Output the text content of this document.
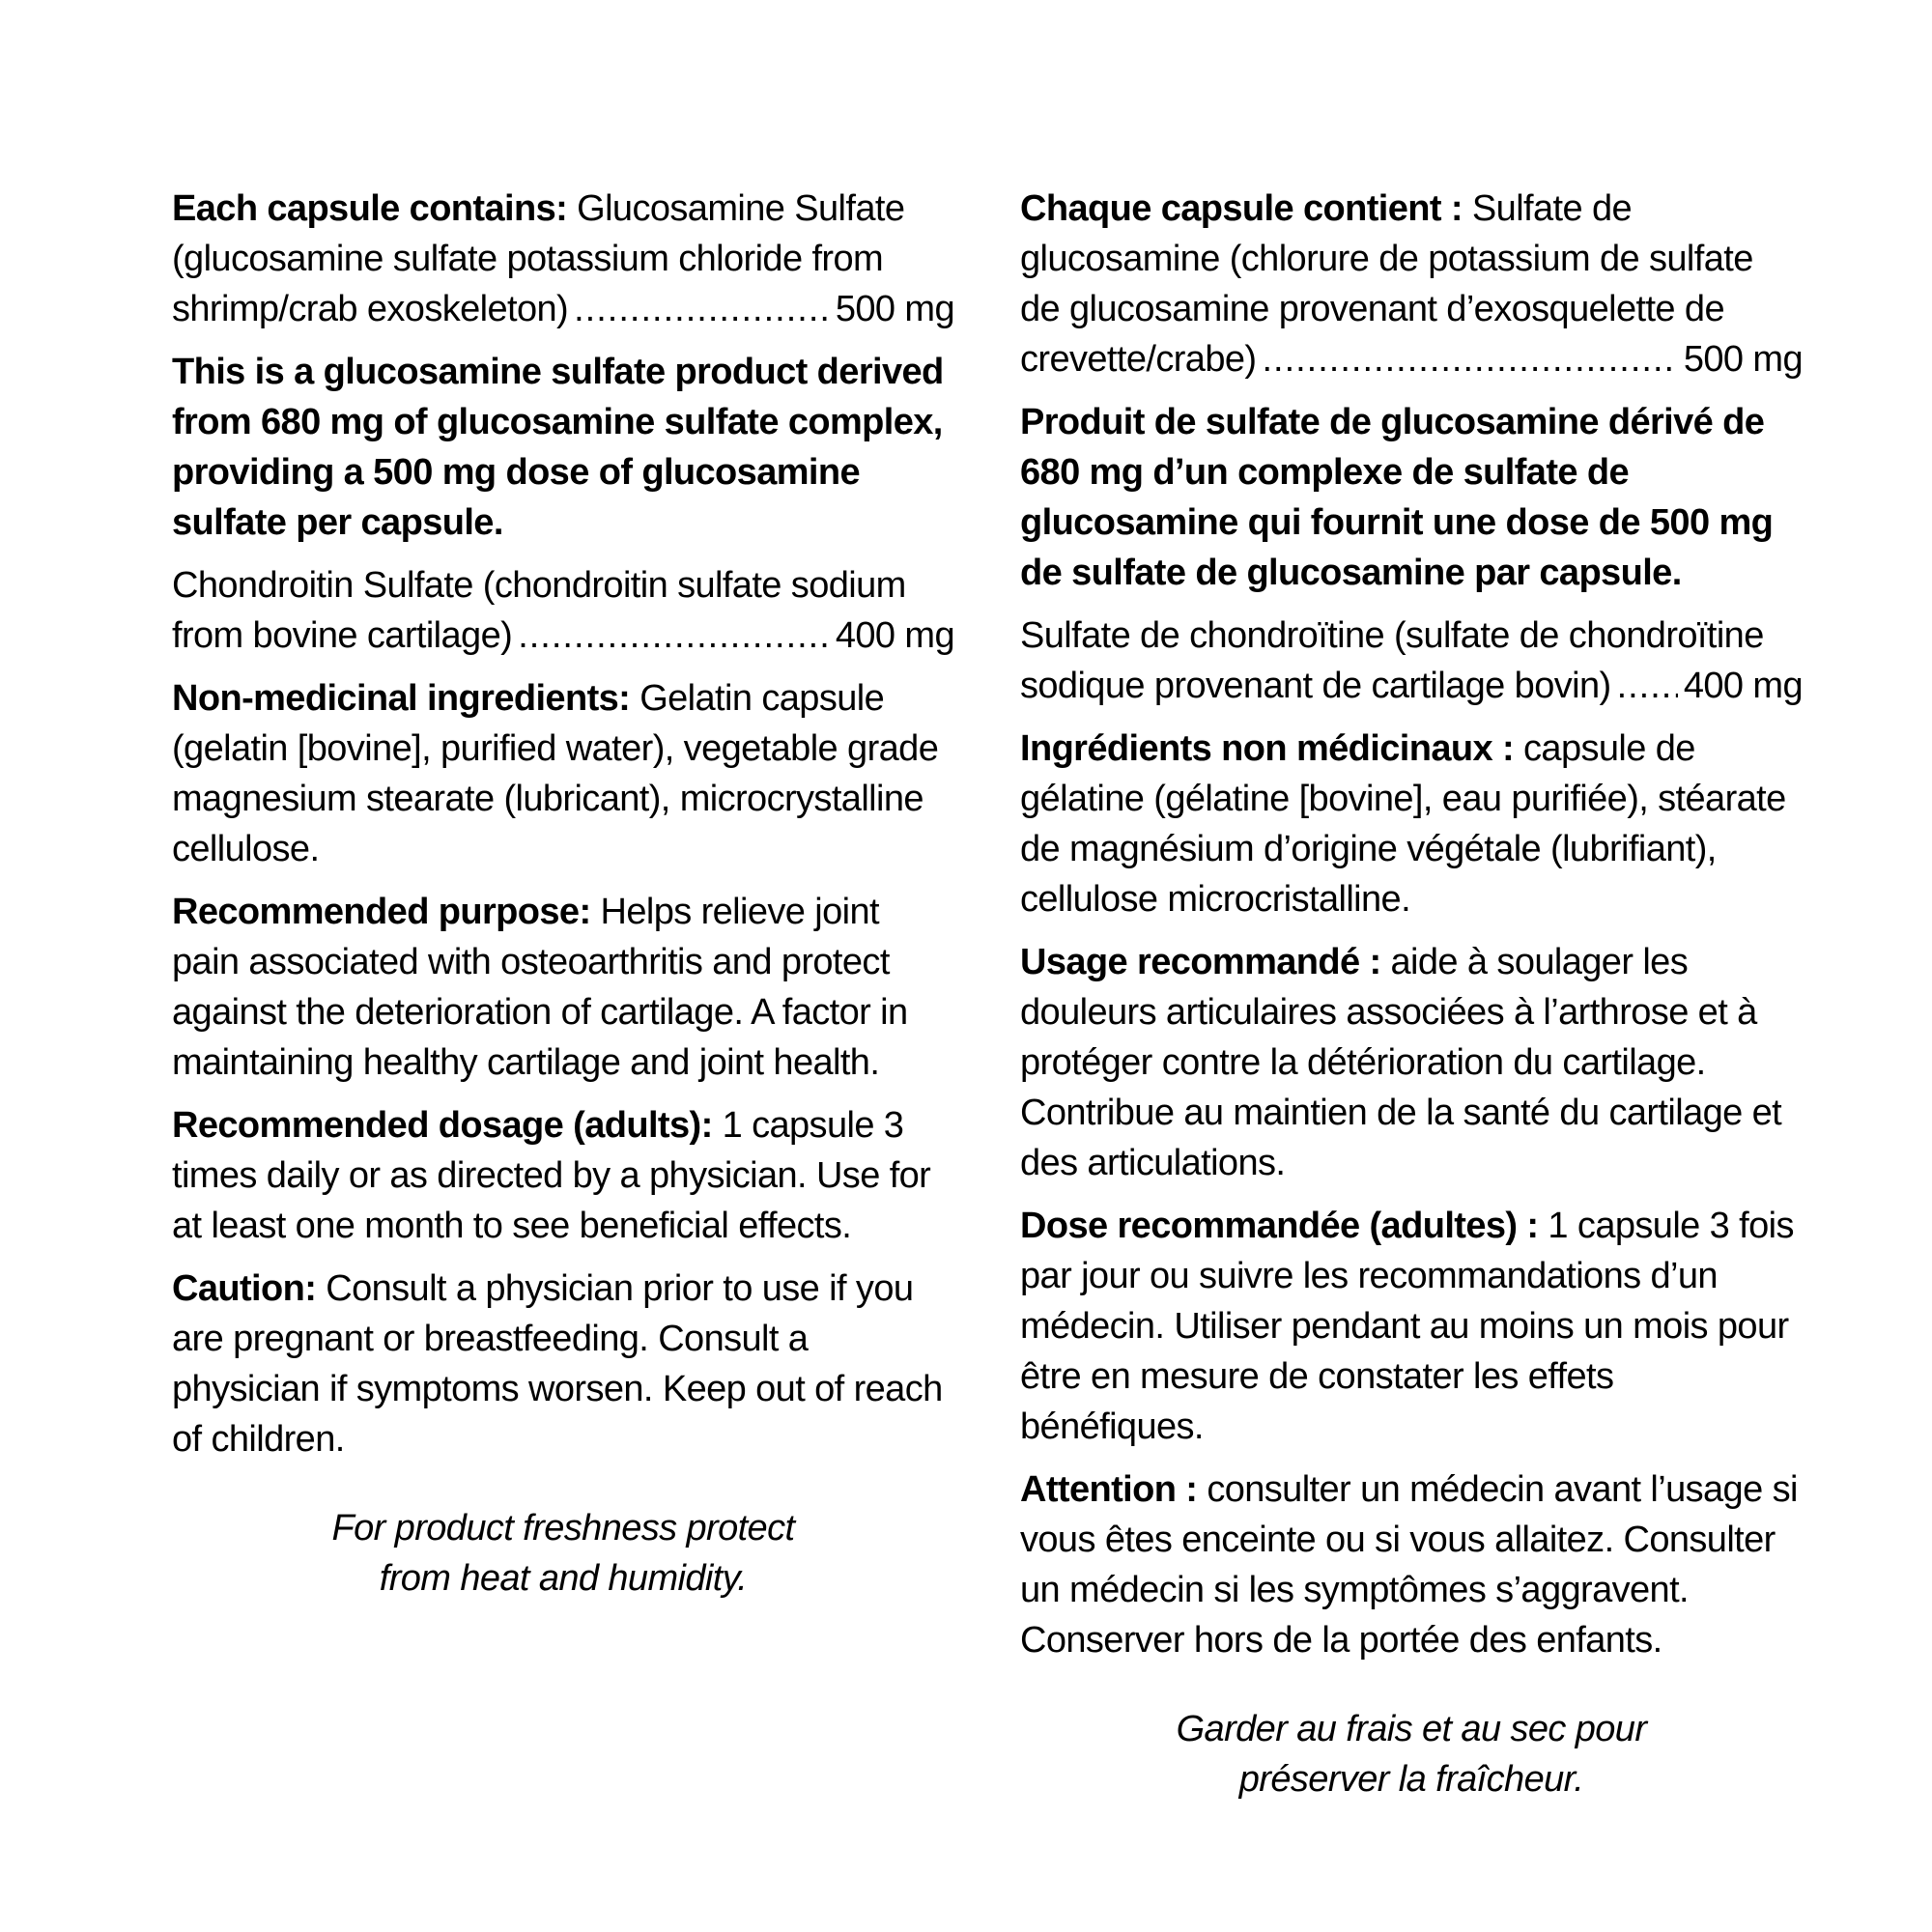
Each capsule contains: Glucosamine Sulfate
(glucosamine sulfate potassium chloride from
shrimp/crab exoskeleton) .....	500 mg
This is a glucosamine sulfate product derived from 680 mg of glucosamine sulfate complex, providing a 500 mg dose of glucosamine sulfate per capsule.
Chondroitin Sulfate (chondroitin sulfate sodium
from bovine cartilage) .....	400 mg
Non-medicinal ingredients: Gelatin capsule (gelatin [bovine], purified water), vegetable grade magnesium stearate (lubricant), microcrystalline cellulose.
Recommended purpose: Helps relieve joint pain associated with osteoarthritis and protect against the deterioration of cartilage. A factor in maintaining healthy cartilage and joint health.
Recommended dosage (adults): 1 capsule 3 times daily or as directed by a physician. Use for at least one month to see beneficial effects.
Caution: Consult a physician prior to use if you are pregnant or breastfeeding. Consult a physician if symptoms worsen. Keep out of reach of children.
For product freshness protect
from heat and humidity.
Chaque capsule contient : Sulfate de
glucosamine (chlorure de potassium de sulfate
de glucosamine provenant d’exosquelette de
crevette/crabe) .....	500 mg
Produit de sulfate de glucosamine dérivé de 680 mg d’un complexe de sulfate de glucosamine qui fournit une dose de 500 mg de sulfate de glucosamine par capsule.
Sulfate de chondroïtine (sulfate de chondroïtine
sodique provenant de cartilage bovin) ..... 400 mg
Ingrédients non médicinaux : capsule de gélatine (gélatine [bovine], eau purifiée), stéarate de magnésium d’origine végétale (lubrifiant), cellulose microcristalline.
Usage recommandé : aide à soulager les douleurs articulaires associées à l’arthrose et à protéger contre la détérioration du cartilage. Contribue au maintien de la santé du cartilage et des articulations.
Dose recommandée (adultes) : 1 capsule 3 fois par jour ou suivre les recommandations d’un médecin. Utiliser pendant au moins un mois pour être en mesure de constater les effets bénéfiques.
Attention : consulter un médecin avant l’usage si vous êtes enceinte ou si vous allaitez. Consulter un médecin si les symptômes s’aggravent. Conserver hors de la portée des enfants.
Garder au frais et au sec pour
préserver la fraîcheur.
